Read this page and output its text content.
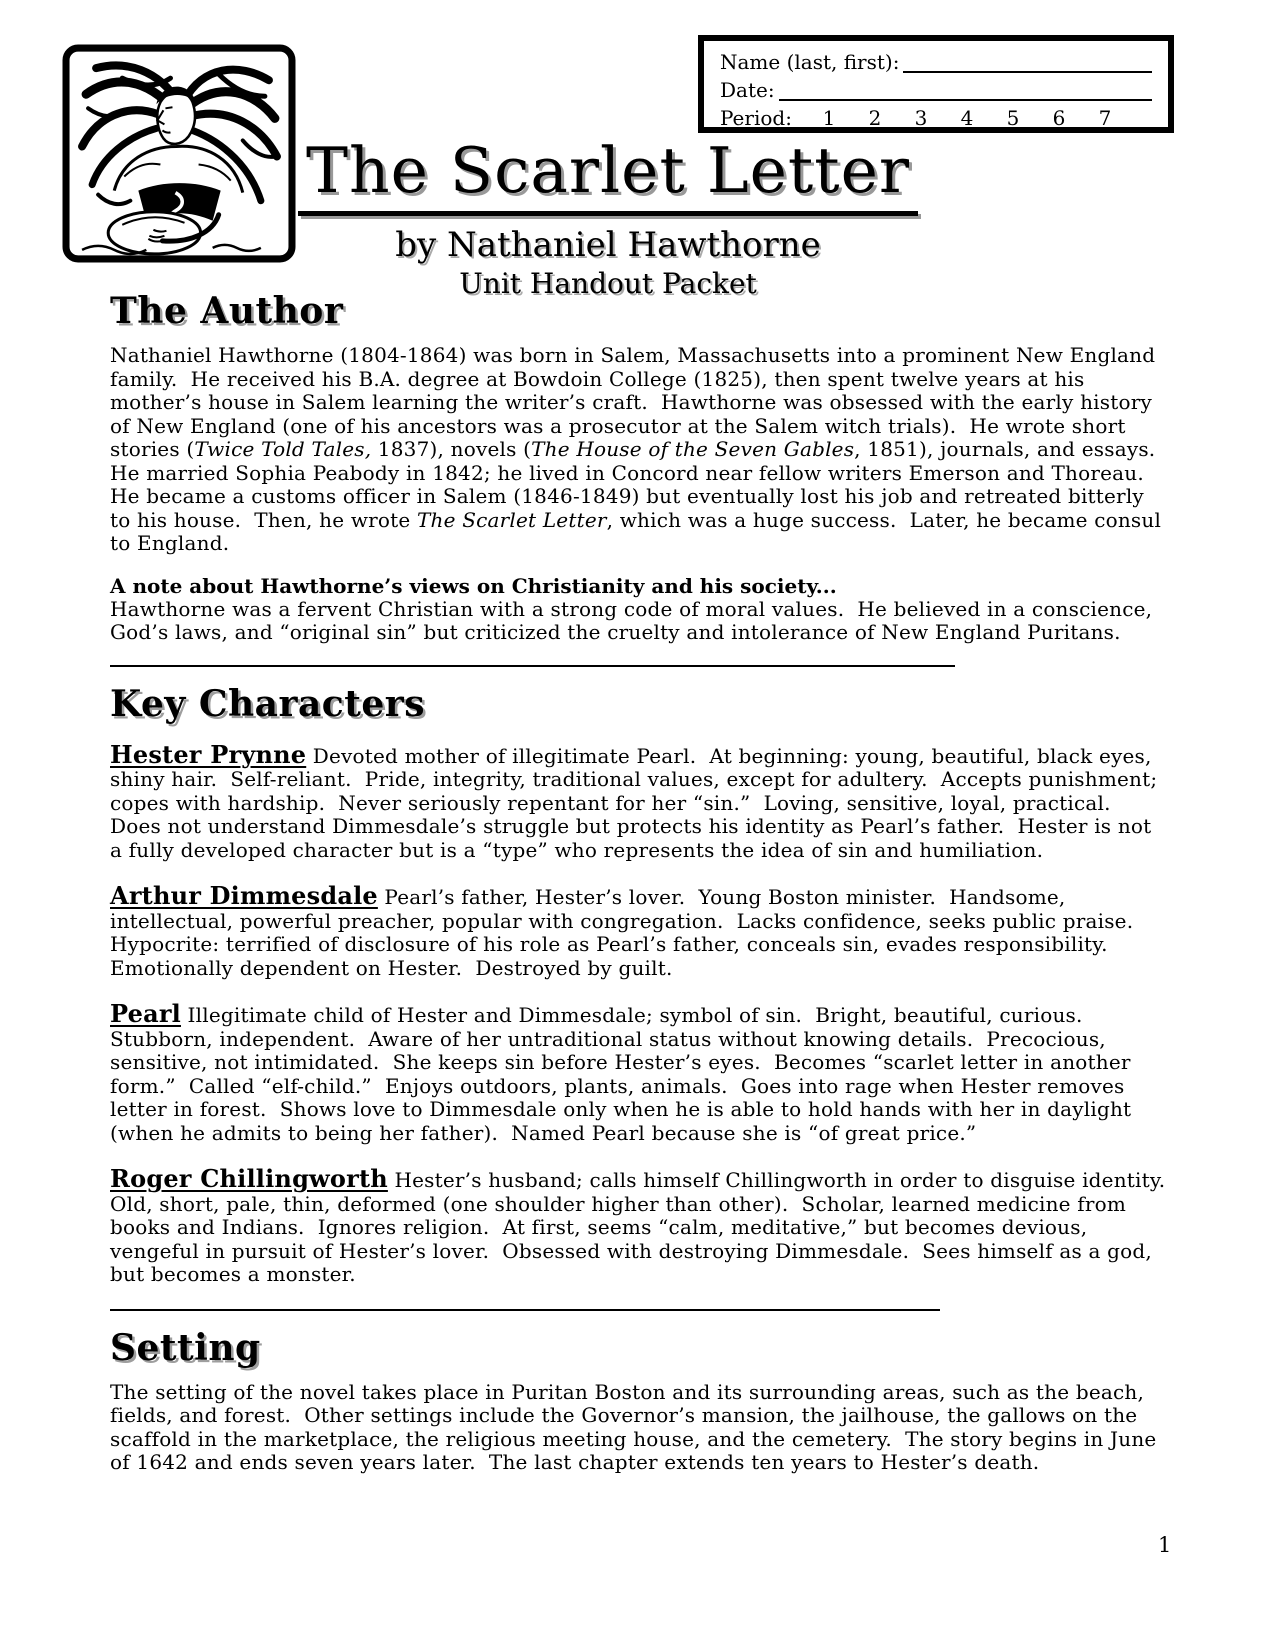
Name (last, first):
Date:
Period: 1 2 3 4 5 6 7
The Scarlet Letter
by Nathaniel Hawthorne
Unit Handout Packet
The Author

Nathaniel Hawthorne (1804-1864) was born in Salem, Massachusetts into a prominent New England family.  He received his B.A. degree at Bowdoin College (1825), then spent twelve years at his mother’s house in Salem learning the writer’s craft.  Hawthorne was obsessed with the early history of New England (one of his ancestors was a prosecutor at the Salem witch trials).  He wrote short stories (Twice Told Tales, 1837), novels (The House of the Seven Gables, 1851), journals, and essays.  He married Sophia Peabody in 1842; he lived in Concord near fellow writers Emerson and Thoreau.  He became a customs officer in Salem (1846-1849) but eventually lost his job and retreated bitterly to his house.  Then, he wrote The Scarlet Letter, which was a huge success.  Later, he became consul to England.

A note about Hawthorne’s views on Christianity and his society...

Hawthorne was a fervent Christian with a strong code of moral values.  He believed in a conscience, God’s laws, and “original sin” but criticized the cruelty and intolerance of New England Puritans.

Key Characters

Hester Prynne Devoted mother of illegitimate Pearl.  At beginning: young, beautiful, black eyes, shiny hair.  Self-reliant.  Pride, integrity, traditional values, except for adultery.  Accepts punishment; copes with hardship.  Never seriously repentant for her “sin.”  Loving, sensitive, loyal, practical.  Does not understand Dimmesdale’s struggle but protects his identity as Pearl’s father.  Hester is not a fully developed character but is a “type” who represents the idea of sin and humiliation.

Arthur Dimmesdale Pearl’s father, Hester’s lover.  Young Boston minister.  Handsome, intellectual, powerful preacher, popular with congregation.  Lacks confidence, seeks public praise.  Hypocrite: terrified of disclosure of his role as Pearl’s father, conceals sin, evades responsibility.  Emotionally dependent on Hester.  Destroyed by guilt.

Pearl Illegitimate child of Hester and Dimmesdale; symbol of sin.  Bright, beautiful, curious.  Stubborn, independent.  Aware of her untraditional status without knowing details.  Precocious, sensitive, not intimidated.  She keeps sin before Hester’s eyes.  Becomes “scarlet letter in another form.”  Called “elf-child.”  Enjoys outdoors, plants, animals.  Goes into rage when Hester removes letter in forest.  Shows love to Dimmesdale only when he is able to hold hands with her in daylight (when he admits to being her father).  Named Pearl because she is “of great price.”

Roger Chillingworth Hester’s husband; calls himself Chillingworth in order to disguise identity.  Old, short, pale, thin, deformed (one shoulder higher than other).  Scholar, learned medicine from books and Indians.  Ignores religion.  At first, seems “calm, meditative,” but becomes devious, vengeful in pursuit of Hester’s lover.  Obsessed with destroying Dimmesdale.  Sees himself as a god, but becomes a monster.

Setting

The setting of the novel takes place in Puritan Boston and its surrounding areas, such as the beach, fields, and forest.  Other settings include the Governor’s mansion, the jailhouse, the gallows on the scaffold in the marketplace, the religious meeting house, and the cemetery.  The story begins in June of 1642 and ends seven years later.  The last chapter extends ten years to Hester’s death.

1
